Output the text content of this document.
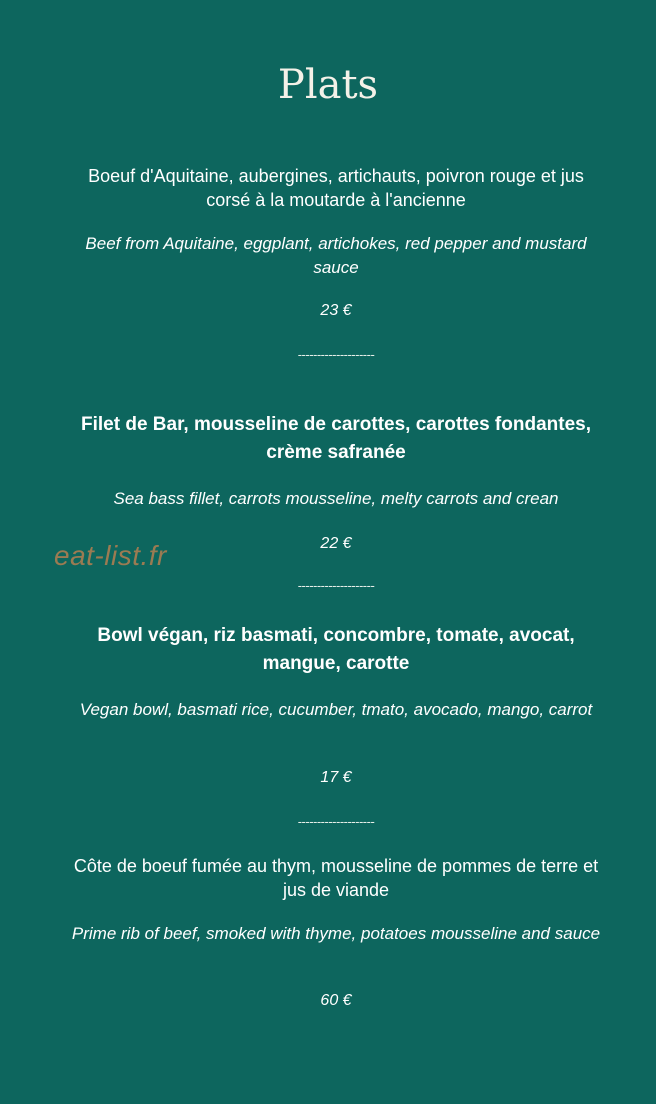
Plats

Boeuf d'Aquitaine, aubergines, artichauts, poivron rouge et jus corsé à la moutarde à l'ancienne

Beef from Aquitaine, eggplant, artichokes, red pepper and mustard sauce

23 €

--------------------

Filet de Bar, mousseline de carottes, carottes fondantes, crème safranée

Sea bass fillet, carrots mousseline, melty carrots and crean

22 €

--------------------

Bowl végan, riz basmati, concombre, tomate, avocat, mangue, carotte

Vegan bowl, basmati rice, cucumber, tmato, avocado, mango, carrot

17 €

--------------------

Côte de boeuf fumée au thym, mousseline de pommes de terre et jus de viande

Prime rib of beef, smoked with thyme, potatoes mousseline and sauce

60 €

eat-list.fr
